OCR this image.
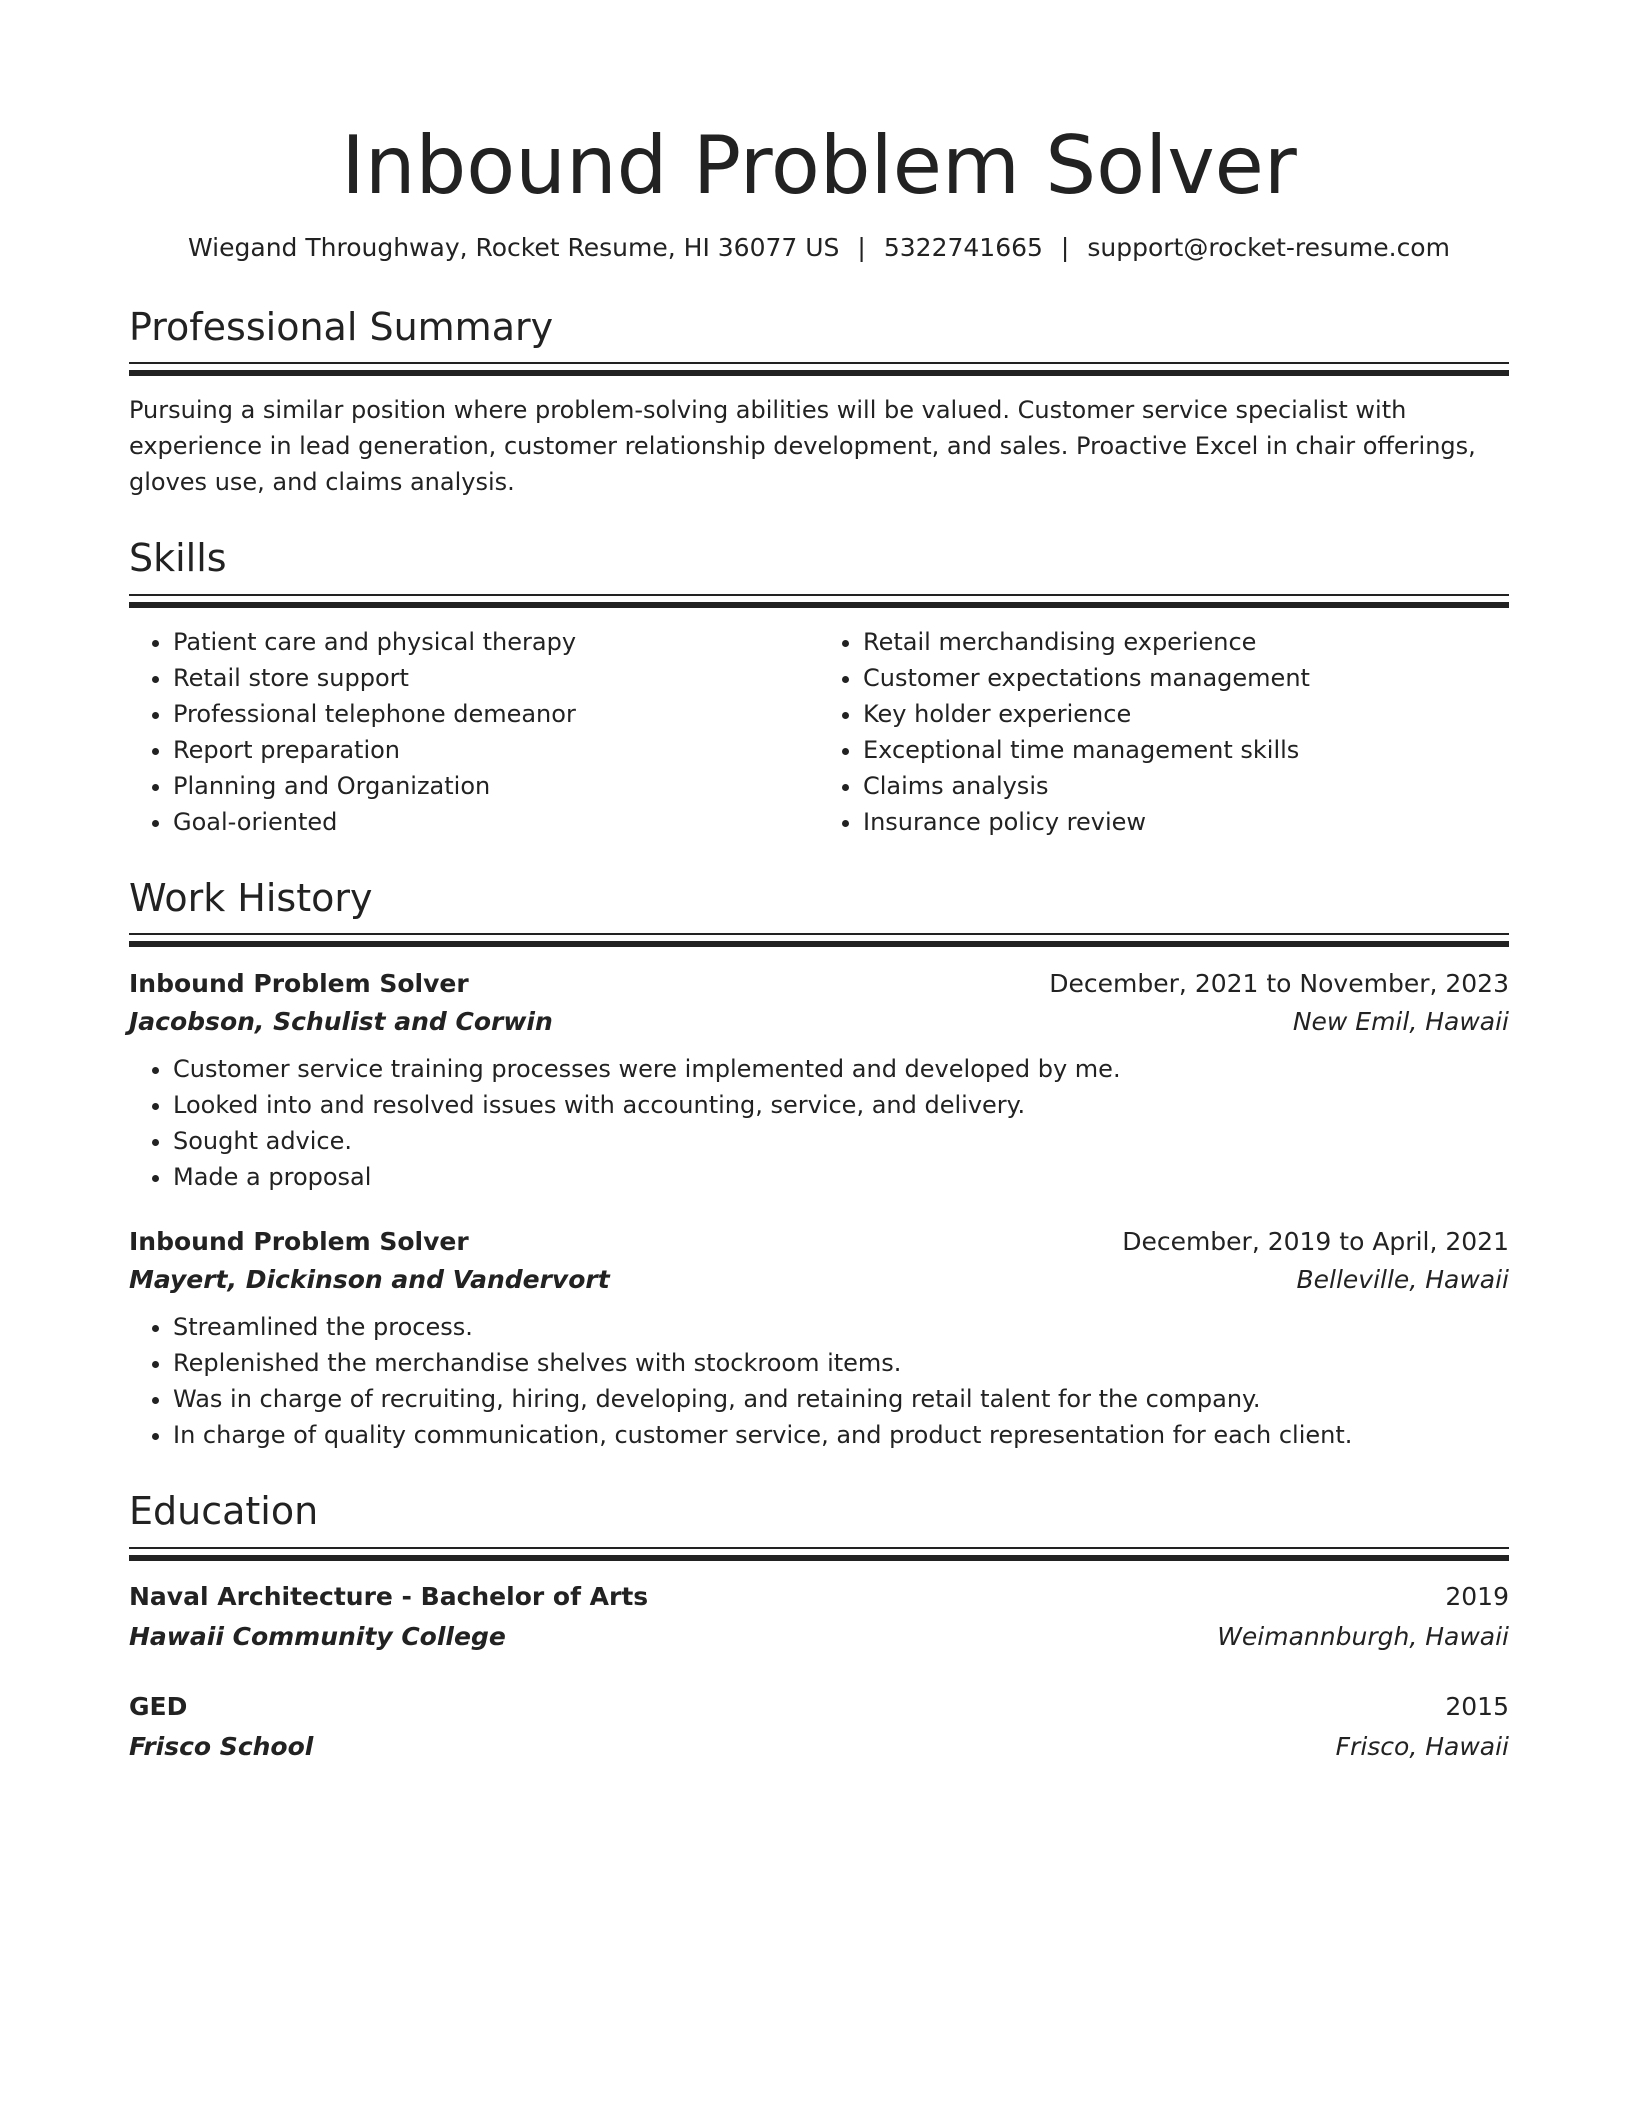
Inbound Problem Solver
Wiegand Throughway, Rocket Resume, HI 36077 US | 5322741665 | support@rocket-resume.com
Professional Summary
Pursuing a similar position where problem-solving abilities will be valued. Customer service specialist with experience in lead generation, customer relationship development, and sales. Proactive Excel in chair offerings, gloves use, and claims analysis.
Skills
• Patient care and physical therapy
• Retail store support
• Professional telephone demeanor
• Report preparation
• Planning and Organization
• Goal-oriented
• Retail merchandising experience
• Customer expectations management
• Key holder experience
• Exceptional time management skills
• Claims analysis
• Insurance policy review
Work History
Inbound Problem Solver	December, 2021 to November, 2023
Jacobson, Schulist and Corwin	New Emil, Hawaii
• Customer service training processes were implemented and developed by me.
• Looked into and resolved issues with accounting, service, and delivery.
• Sought advice.
• Made a proposal
Inbound Problem Solver	December, 2019 to April, 2021
Mayert, Dickinson and Vandervort	Belleville, Hawaii
• Streamlined the process.
• Replenished the merchandise shelves with stockroom items.
• Was in charge of recruiting, hiring, developing, and retaining retail talent for the company.
• In charge of quality communication, customer service, and product representation for each client.
Education
Naval Architecture - Bachelor of Arts	2019
Hawaii Community College	Weimannburgh, Hawaii
GED	2015
Frisco School	Frisco, Hawaii
